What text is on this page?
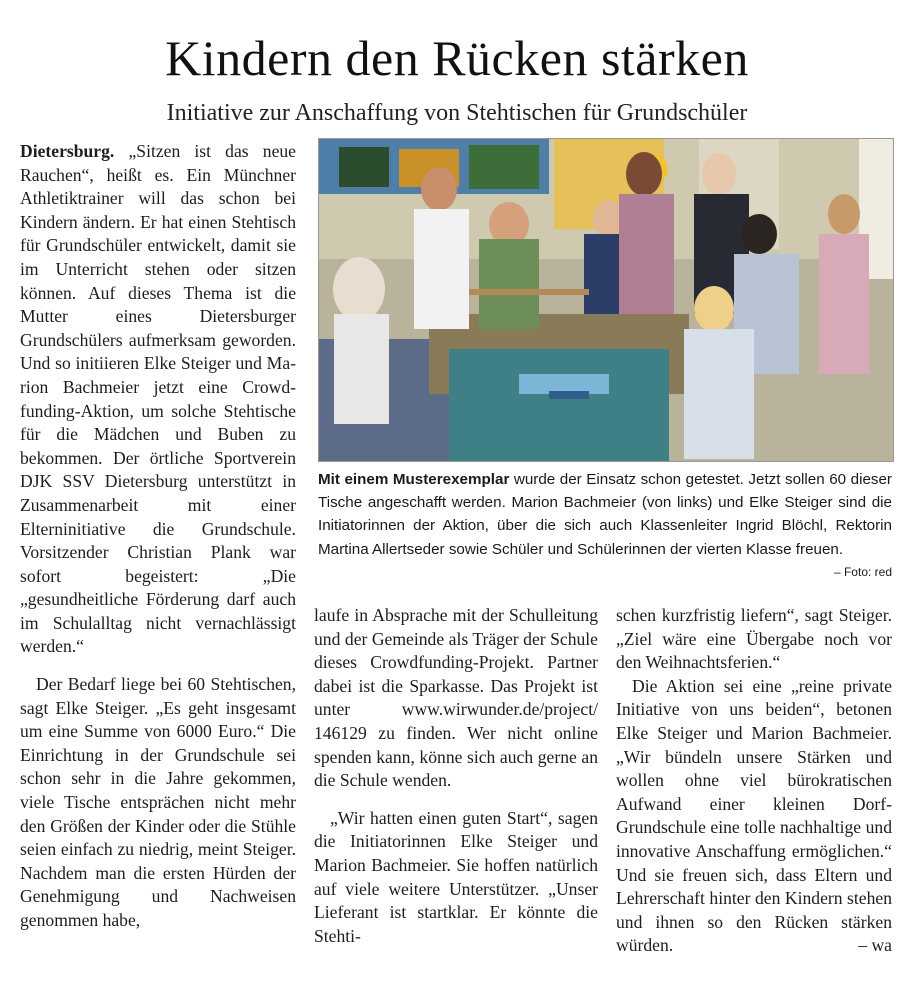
Kindern den Rücken stärken
Initiative zur Anschaffung von Stehtischen für Grundschüler

Dietersburg. „Sitzen ist das neue Rauchen“, heißt es. Ein Münchner Athletiktrainer will das schon bei Kindern ändern. Er hat einen Stehtisch für Grundschüler entwickelt, damit sie im Unterricht stehen oder sitzen können. Auf dieses Thema ist die Mutter eines Dietersburger Grundschülers aufmerksam geworden. Und so initiieren Elke Steiger und Marion Bachmeier jetzt eine Crowdfunding-Aktion, um solche Stehtische für die Mädchen und Buben zu bekommen. Der örtliche Sportverein DJK SSV Dietersburg unterstützt in Zusammenarbeit mit einer Elterninitiative die Grundschule. Vorsitzender Christian Plank war sofort begeistert: „Die „gesundheitliche Förderung darf auch im Schulalltag nicht vernachlässigt werden.“

Der Bedarf liege bei 60 Stehtischen, sagt Elke Steiger. „Es geht insgesamt um eine Summe von 6000 Euro.“ Die Einrichtung in der Grundschule sei schon sehr in die Jahre gekommen, viele Tische entsprächen nicht mehr den Größen der Kinder oder die Stühle seien einfach zu niedrig, meint Steiger. Nachdem man die ersten Hürden der Genehmigung und Nachweisen genommen habe,

Mit einem Musterexemplar wurde der Einsatz schon getestet. Jetzt sollen 60 dieser Tische angeschafft werden. Marion Bachmeier (von links) und Elke Steiger sind die Initiatorinnen der Aktion, über die sich auch Klassenleiter Ingrid Blöchl, Rektorin Martina Allertseder sowie Schüler und Schülerinnen der vierten Klasse freuen.
– Foto: red

laufe in Absprache mit der Schulleitung und der Gemeinde als Träger der Schule dieses Crowdfunding-Projekt. Partner dabei ist die Sparkasse. Das Projekt ist unter www.wirwunder.de/project/ 146129 zu finden. Wer nicht online spenden kann, könne sich auch gerne an die Schule wenden.

„Wir hatten einen guten Start“, sagen die Initiatorinnen Elke Steiger und Marion Bachmeier. Sie hoffen natürlich auf viele weitere Unterstützer. „Unser Lieferant ist startklar. Er könnte die Stehti-

schen kurzfristig liefern“, sagt Steiger. „Ziel wäre eine Übergabe noch vor den Weihnachtsferien.“

Die Aktion sei eine „reine private Initiative von uns beiden“, betonen Elke Steiger und Marion Bachmeier. „Wir bündeln unsere Stärken und wollen ohne viel bürokratischen Aufwand einer kleinen Dorf-Grundschule eine tolle nachhaltige und innovative Anschaffung ermöglichen.“ Und sie freuen sich, dass Eltern und Lehrerschaft hinter den Kindern stehen und ihnen so den Rücken stärken würden.	– wa
